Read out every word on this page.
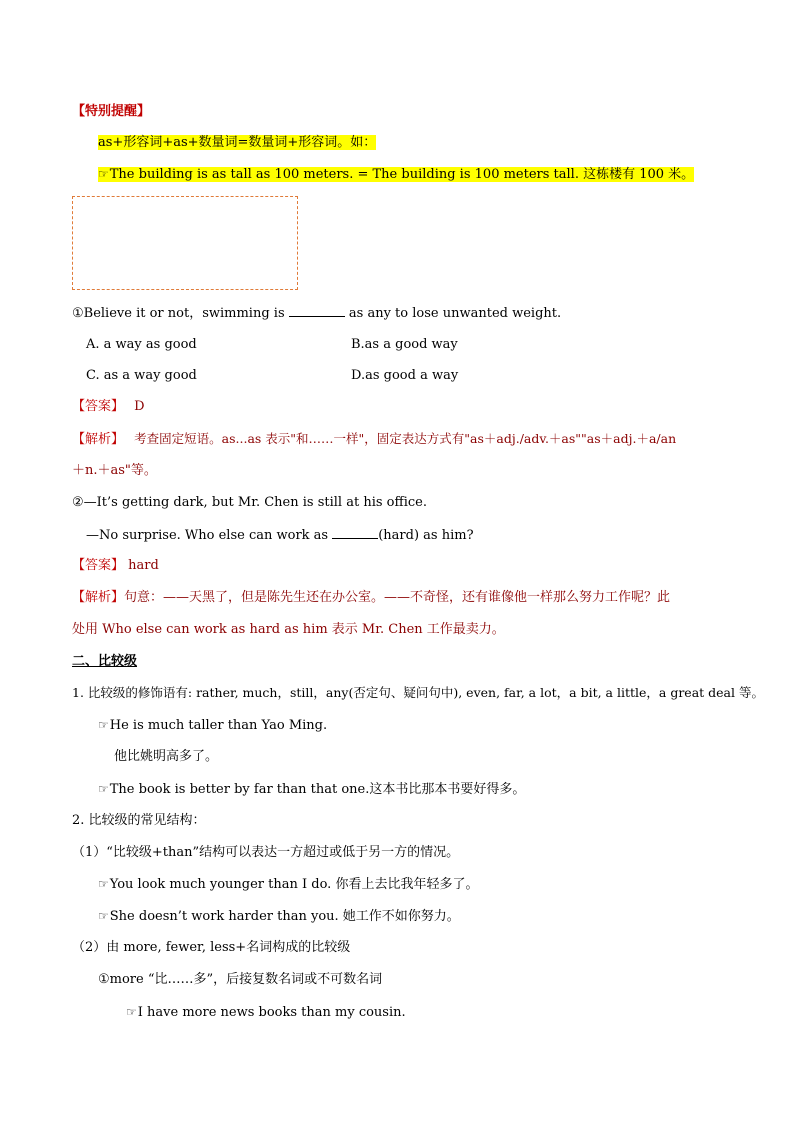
【特别提醒】
as+形容词+as+数量词=数量词+形容词。如：
☞The building is as tall as 100 meters. = The building is 100 meters tall. 这栋楼有 100 米。
①Believe it or not，swimming is	as any to lose unwanted weight.
A. a way as good	B.as a good way
C. as a way good	D.as good a way
【答案】 D
【解析】 考查固定短语。as...as 表示"和……一样"，固定表达方式有"as＋adj./adv.＋as""as＋adj.＋a/an
＋n.＋as"等。
②—It’s getting dark, but Mr. Chen is still at his office.
—No surprise. Who else can work as	(hard) as him?
【答案】 hard
【解析】句意：——天黑了，但是陈先生还在办公室。——不奇怪，还有谁像他一样那么努力工作呢？此
处用 Who else can work as hard as him 表示 Mr. Chen 工作最卖力。
二、比较级
1. 比较级的修饰语有: rather, much，still，any(否定句、疑问句中), even, far, a lot，a bit, a little，a great deal 等。
☞He is much taller than Yao Ming.
他比姚明高多了。
☞The book is better by far than that one.这本书比那本书要好得多。
2. 比较级的常见结构：
（1）“比较级+than”结构可以表达一方超过或低于另一方的情况。
☞You look much younger than I do. 你看上去比我年轻多了。
☞She doesn’t work harder than you. 她工作不如你努力。
（2）由 more, fewer, less+名词构成的比较级
①more “比……多”，后接复数名词或不可数名词
☞I have more news books than my cousin.
